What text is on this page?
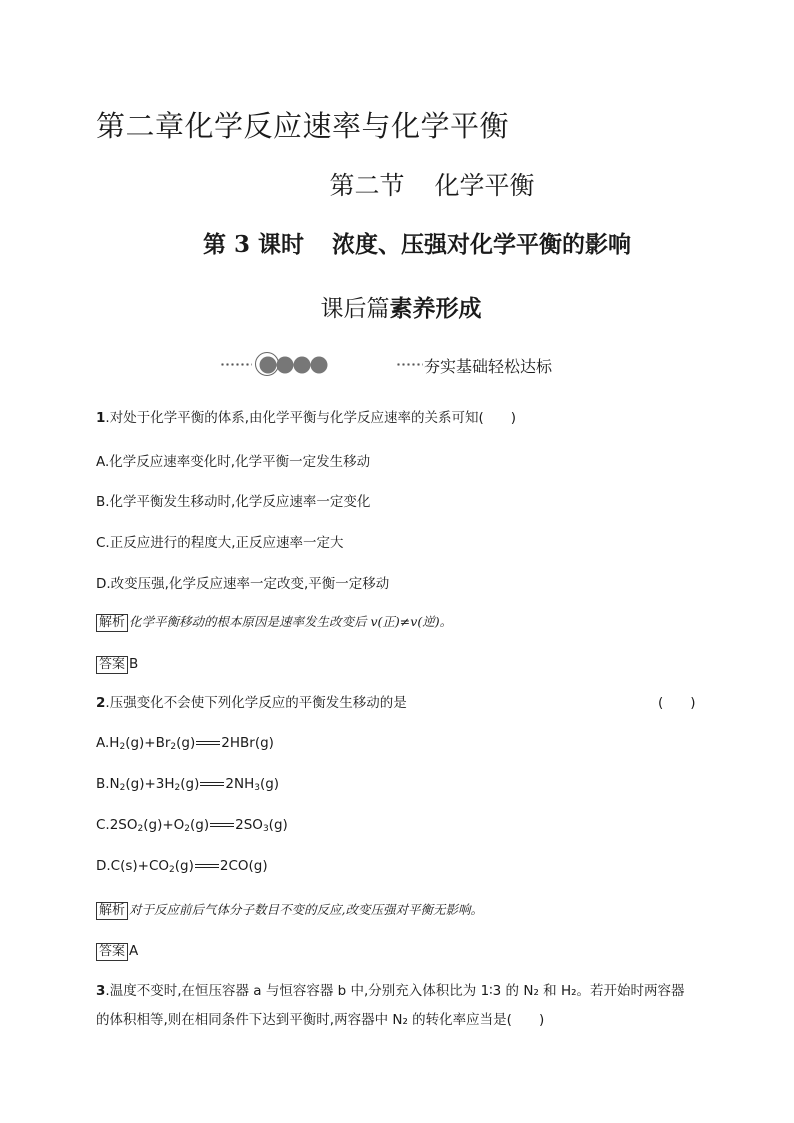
第二章化学反应速率与化学平衡
第二节 化学平衡
第 3 课时 浓度、压强对化学平衡的影响
课后篇素养形成
夯实基础轻松达标
1.对处于化学平衡的体系,由化学平衡与化学反应速率的关系可知(　　)
A.化学反应速率变化时,化学平衡一定发生移动
B.化学平衡发生移动时,化学反应速率一定变化
C.正反应进行的程度大,正反应速率一定大
D.改变压强,化学反应速率一定改变,平衡一定移动
解析 化学平衡移动的根本原因是速率发生改变后 v(正)≠v(逆)。
答案 B
2.压强变化不会使下列化学反应的平衡发生移动的是	(　　)
$A.H_2(g)+Br_2(g)$ 2HBr(g)
$B.N_2(g)+3H_2(g)$ $2NH_3(g)$
$C.2SO_2(g)+O_2(g)$ $2SO_3(g)$
$D.C(s)+CO_2(g)$ 2CO(g)
解析 对于反应前后气体分子数目不变的反应,改变压强对平衡无影响。
答案 A
3.温度不变时,在恒压容器 a 与恒容容器 b 中,分别充入体积比为 1∶3 的 N₂ 和 H₂。若开始时两容器
的体积相等,则在相同条件下达到平衡时,两容器中 N₂ 的转化率应当是(　　)
